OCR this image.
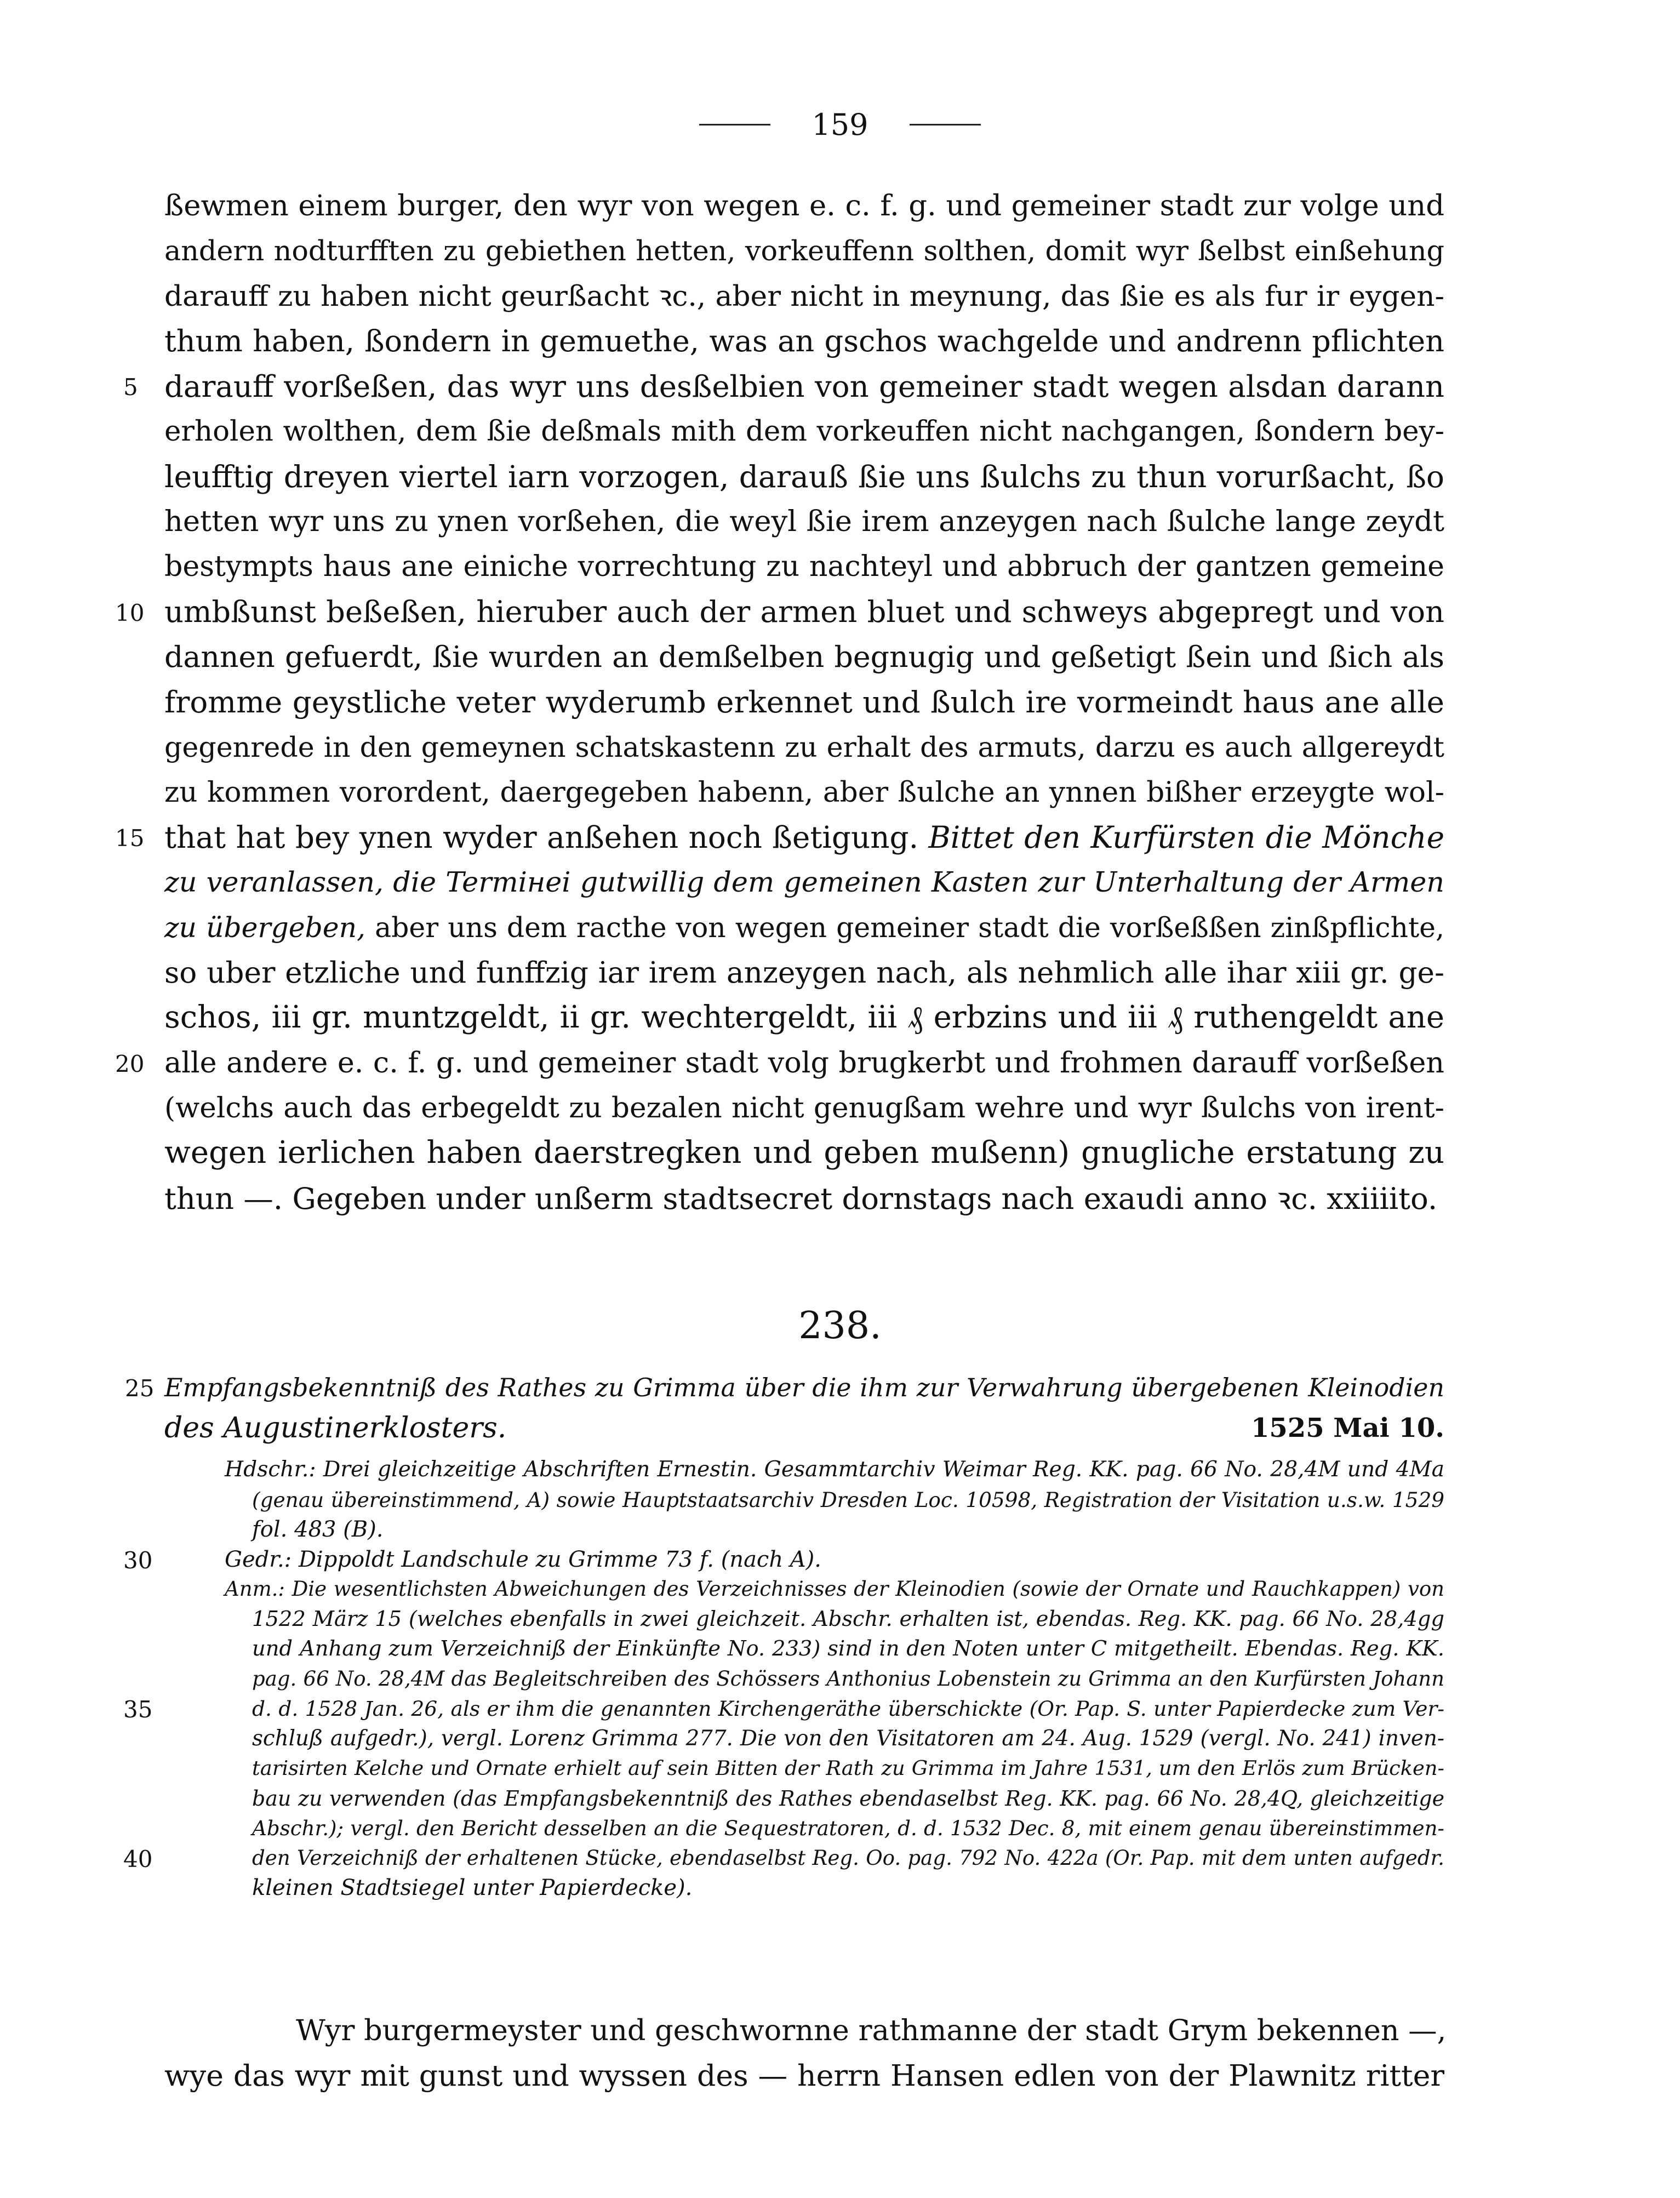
159
ßewmen einem burger, den wyr von wegen e. c. f. g. und gemeiner stadt zur volge und
andern nodturfften zu gebiethen hetten, vorkeuffenn solthen, domit wyr ßelbst einßehung
darauff zu haben nicht geurßacht ꝛc., aber nicht in meynung, das ßie es als fur ir eygen-
thum haben, ßondern in gemuethe, was an gschos wachgelde und andrenn pflichten
5 darauff vorßeßen, das wyr uns desßelbien von gemeiner stadt wegen alsdan darann
erholen wolthen, dem ßie deßmals mith dem vorkeuffen nicht nachgangen, ßondern bey-
leufftig dreyen viertel iarn vorzogen, darauß ßie uns ßulchs zu thun vorurßacht, ßo
hetten wyr uns zu ynen vorßehen, die weyl ßie irem anzeygen nach ßulche lange zeydt
bestympts haus ane einiche vorrechtung zu nachteyl und abbruch der gantzen gemeine
10 umbßunst beßeßen, hieruber auch der armen bluet und schweys abgepregt und von
dannen gefuerdt, ßie wurden an demßelben begnugig und geßetigt ßein und ßich als
fromme geystliche veter wyderumb erkennet und ßulch ire vormeindt haus ane alle
gegenrede in den gemeynen schatskastenn zu erhalt des armuts, darzu es auch allgereydt
zu kommen vorordent, daergegeben habenn, aber ßulche an ynnen bißher erzeygte wol-
15 that hat bey ynen wyder anßehen noch ßetigung. Bittet den Kurfürsten die Mönche
zu veranlassen, die Termінei gutwillig dem gemeinen Kasten zur Unterhaltung der Armen
zu übergeben, aber uns dem racthe von wegen gemeiner stadt die vorßeßßen zinßpflichte,
so uber etzliche und funffzig iar irem anzeygen nach, als nehmlich alle ihar xiii gr. ge-
schos, iii gr. muntzgeldt, ii gr. wechtergeldt, iii ₰ erbzins und iii ₰ ruthengeldt ane
20 alle andere e. c. f. g. und gemeiner stadt volg brugkerbt und frohmen darauff vorßeßen
(welchs auch das erbegeldt zu bezalen nicht genugßam wehre und wyr ßulchs von irent-
wegen ierlichen haben daerstregken und geben mußenn) gnugliche erstatung zu
thun —. Gegeben under unßerm stadtsecret dornstags nach exaudi anno ꝛc. xxiiiito.
238.
25 Empfangsbekenntniß des Rathes zu Grimma über die ihm zur Verwahrung übergebenen Kleinodien
des Augustinerklosters.	1525 Mai 10.
Hdschr.: Drei gleichzeitige Abschriften Ernestin. Gesammtarchiv Weimar Reg. KK. pag. 66 No. 28,4M und 4Ma
(genau übereinstimmend, A) sowie Hauptstaatsarchiv Dresden Loc. 10598, Registration der Visitation u.s.w. 1529
fol. 483 (B).
30	Gedr.: Dippoldt Landschule zu Grimme 73 f. (nach A).
Anm.: Die wesentlichsten Abweichungen des Verzeichnisses der Kleinodien (sowie der Ornate und Rauchkappen) von
1522 März 15 (welches ebenfalls in zwei gleichzeit. Abschr. erhalten ist, ebendas. Reg. KK. pag. 66 No. 28,4gg
und Anhang zum Verzeichniß der Einkünfte No. 233) sind in den Noten unter C mitgetheilt. Ebendas. Reg. KK.
pag. 66 No. 28,4M das Begleitschreiben des Schössers Anthonius Lobenstein zu Grimma an den Kurfürsten Johann
35	d. d. 1528 Jan. 26, als er ihm die genannten Kirchengeräthe überschickte (Or. Pap. S. unter Papierdecke zum Ver-
schluß aufgedr.), vergl. Lorenz Grimma 277. Die von den Visitatoren am 24. Aug. 1529 (vergl. No. 241) inven-
tarisirten Kelche und Ornate erhielt auf sein Bitten der Rath zu Grimma im Jahre 1531, um den Erlös zum Brücken-
bau zu verwenden (das Empfangsbekenntniß des Rathes ebendaselbst Reg. KK. pag. 66 No. 28,4Q, gleichzeitige
Abschr.); vergl. den Bericht desselben an die Sequestratoren, d. d. 1532 Dec. 8, mit einem genau übereinstimmen-
40	den Verzeichniß der erhaltenen Stücke, ebendaselbst Reg. Oo. pag. 792 No. 422a (Or. Pap. mit dem unten aufgedr.
kleinen Stadtsiegel unter Papierdecke).
Wyr burgermeyster und geschwornne rathmanne der stadt Grym bekennen —,
wye das wyr mit gunst und wyssen des — herrn Hansen edlen von der Plawnitz ritter
